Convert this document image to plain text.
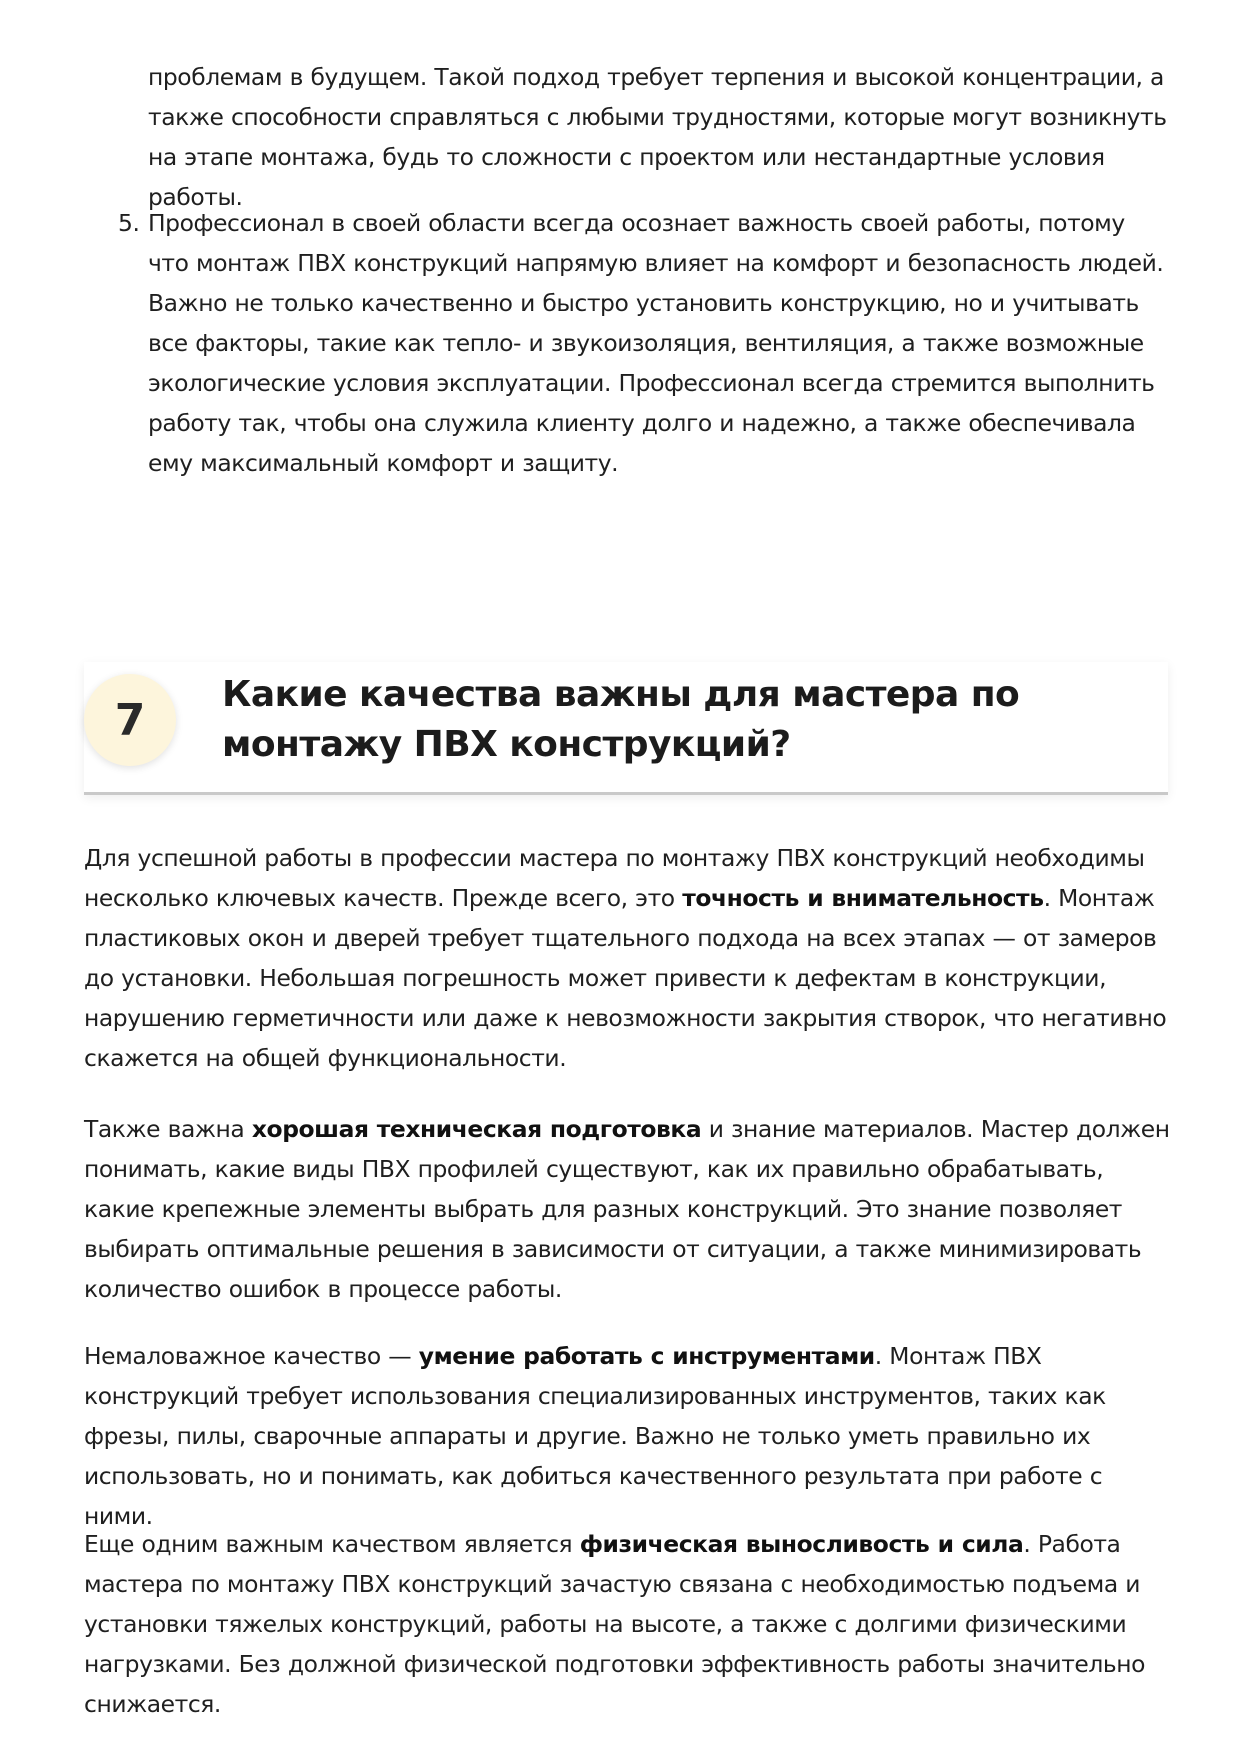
проблемам в будущем. Такой подход требует терпения и высокой концентрации, а также способности справляться с любыми трудностями, которые могут возникнуть на этапе монтажа, будь то сложности с проектом или нестандартные условия работы.

5. Профессионал в своей области всегда осознает важность своей работы, потому что монтаж ПВХ конструкций напрямую влияет на комфорт и безопасность людей. Важно не только качественно и быстро установить конструкцию, но и учитывать все факторы, такие как тепло- и звукоизоляция, вентиляция, а также возможные экологические условия эксплуатации. Профессионал всегда стремится выполнить работу так, чтобы она служила клиенту долго и надежно, а также обеспечивала ему максимальный комфорт и защиту.
7	Какие качества важны для мастера по монтажу ПВХ конструкций?

Для успешной работы в профессии мастера по монтажу ПВХ конструкций необходимы несколько ключевых качеств. Прежде всего, это точность и внимательность. Монтаж пластиковых окон и дверей требует тщательного подхода на всех этапах — от замеров до установки. Небольшая погрешность может привести к дефектам в конструкции, нарушению герметичности или даже к невозможности закрытия створок, что негативно скажется на общей функциональности.

Также важна хорошая техническая подготовка и знание материалов. Мастер должен понимать, какие виды ПВХ профилей существуют, как их правильно обрабатывать, какие крепежные элементы выбрать для разных конструкций. Это знание позволяет выбирать оптимальные решения в зависимости от ситуации, а также минимизировать количество ошибок в процессе работы.

Немаловажное качество — умение работать с инструментами. Монтаж ПВХ конструкций требует использования специализированных инструментов, таких как фрезы, пилы, сварочные аппараты и другие. Важно не только уметь правильно их использовать, но и понимать, как добиться качественного результата при работе с ними.

Еще одним важным качеством является физическая выносливость и сила. Работа мастера по монтажу ПВХ конструкций зачастую связана с необходимостью подъема и установки тяжелых конструкций, работы на высоте, а также с долгими физическими нагрузками. Без должной физической подготовки эффективность работы значительно снижается.
